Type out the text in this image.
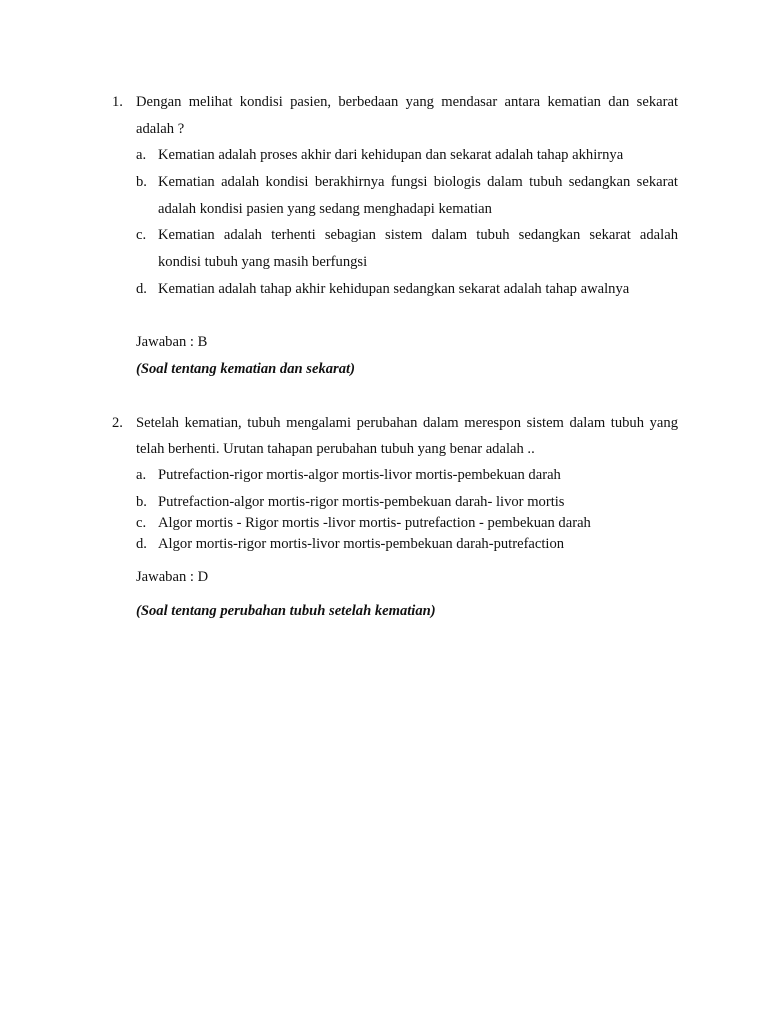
1. Dengan melihat kondisi pasien, berbedaan yang mendasar antara kematian dan sekarat
adalah ?
a. Kematian adalah proses akhir dari kehidupan dan sekarat adalah tahap akhirnya
b. Kematian adalah kondisi berakhirnya fungsi biologis dalam tubuh sedangkan sekarat
adalah kondisi pasien yang sedang menghadapi kematian
c. Kematian adalah terhenti sebagian sistem dalam tubuh sedangkan sekarat adalah
kondisi tubuh yang masih berfungsi
d. Kematian adalah tahap akhir kehidupan sedangkan sekarat adalah tahap awalnya
Jawaban : B
(Soal tentang kematian dan sekarat)
2. Setelah kematian, tubuh mengalami perubahan dalam merespon sistem dalam tubuh yang
telah berhenti. Urutan tahapan perubahan tubuh yang benar adalah ..
a. Putrefaction-rigor mortis-algor mortis-livor mortis-pembekuan darah
b. Putrefaction-algor mortis-rigor mortis-pembekuan darah- livor mortis
c. Algor mortis - Rigor mortis -livor mortis- putrefaction - pembekuan darah
d. Algor mortis-rigor mortis-livor mortis-pembekuan darah-putrefaction
Jawaban : D
(Soal tentang perubahan tubuh setelah kematian)
